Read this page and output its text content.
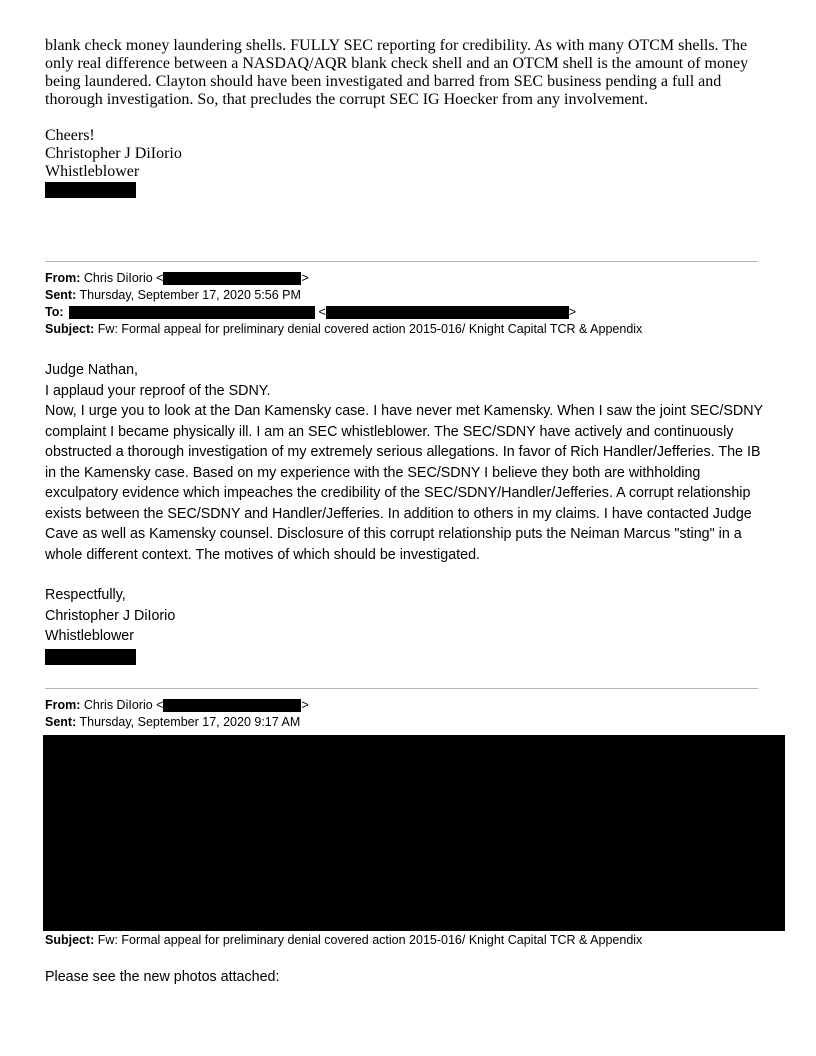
blank check money laundering shells. FULLY SEC reporting for credibility. As with many OTCM shells. The only real difference between a NASDAQ/AQR blank check shell and an OTCM shell is the amount of money being laundered. Clayton should have been investigated and barred from SEC business pending a full and thorough investigation. So, that precludes the corrupt SEC IG Hoecker from any involvement.

Cheers!
Christopher J DiIorio
Whistleblower
From: Chris DiIorio <	>
Sent: Thursday, September 17, 2020 5:56 PM
To:	<	>
Subject: Fw: Formal appeal for preliminary denial covered action 2015-016/ Knight Capital TCR & Appendix

Judge Nathan,

I applaud your reproof of the SDNY.

Now, I urge you to look at the Dan Kamensky case. I have never met Kamensky. When I saw the joint SEC/SDNY complaint I became physically ill. I am an SEC whistleblower. The SEC/SDNY have actively and continuously obstructed a thorough investigation of my extremely serious allegations. In favor of Rich Handler/Jefferies. The IB in the Kamensky case. Based on my experience with the SEC/SDNY I believe they both are withholding exculpatory evidence which impeaches the credibility of the SEC/SDNY/Handler/Jefferies. A corrupt relationship exists between the SEC/SDNY and Handler/Jefferies. In addition to others in my claims. I have contacted Judge Cave as well as Kamensky counsel. Disclosure of this corrupt relationship puts the Neiman Marcus "sting" in a whole different context. The motives of which should be investigated.

Respectfully,

Christopher J DiIorio

Whistleblower

From: Chris DiIorio <	>
Sent: Thursday, September 17, 2020 9:17 AM
Subject: Fw: Formal appeal for preliminary denial covered action 2015-016/ Knight Capital TCR & Appendix

Please see the new photos attached:
